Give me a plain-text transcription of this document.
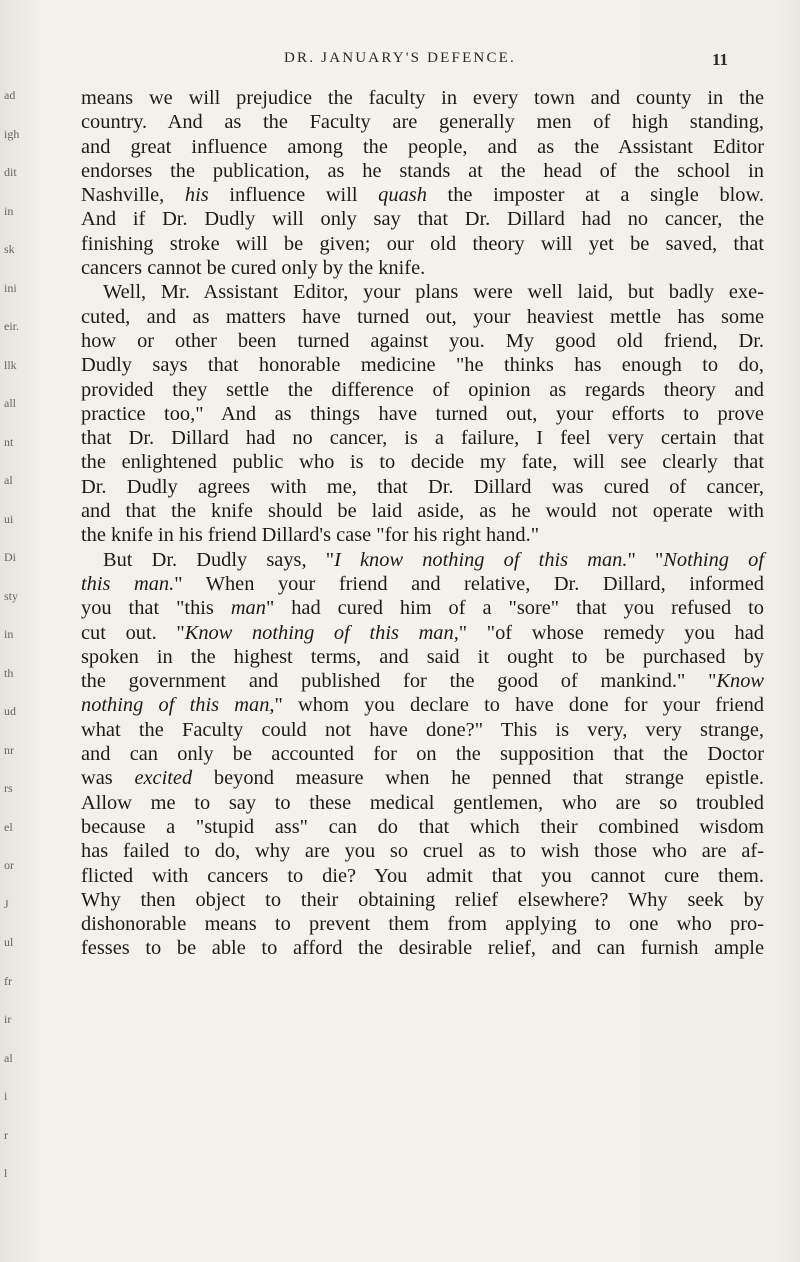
ad
igh
dit
in
sk
ini
eir.
llk
all
nt
al
ui
Di
sty
in
th
ud
nr
rs
el
or
J
ul
fr
ir
al
i
r
l
DR. JANUARY'S DEFENCE.	11
means we will prejudice the faculty in every town and county in the
country. And as the Faculty are generally men of high standing,
and great influence among the people, and as the Assistant Editor
endorses the publication, as he stands at the head of the school in
Nashville, his influence will quash the imposter at a single blow.
And if Dr. Dudly will only say that Dr. Dillard had no cancer, the
finishing stroke will be given; our old theory will yet be saved, that
cancers cannot be cured only by the knife.
Well, Mr. Assistant Editor, your plans were well laid, but badly exe-
cuted, and as matters have turned out, your heaviest mettle has some
how or other been turned against you. My good old friend, Dr.
Dudly says that honorable medicine "he thinks has enough to do,
provided they settle the difference of opinion as regards theory and
practice too," And as things have turned out, your efforts to prove
that Dr. Dillard had no cancer, is a failure, I feel very certain that
the enlightened public who is to decide my fate, will see clearly that
Dr. Dudly agrees with me, that Dr. Dillard was cured of cancer,
and that the knife should be laid aside, as he would not operate with
the knife in his friend Dillard's case "for his right hand."
But Dr. Dudly says, "I know nothing of this man." "Nothing of
this man." When your friend and relative, Dr. Dillard, informed
you that "this man" had cured him of a "sore" that you refused to
cut out. "Know nothing of this man," "of whose remedy you had
spoken in the highest terms, and said it ought to be purchased by
the government and published for the good of mankind." "Know
nothing of this man," whom you declare to have done for your friend
what the Faculty could not have done?" This is very, very strange,
and can only be accounted for on the supposition that the Doctor
was excited beyond measure when he penned that strange epistle.
Allow me to say to these medical gentlemen, who are so troubled
because a "stupid ass" can do that which their combined wisdom
has failed to do, why are you so cruel as to wish those who are af-
flicted with cancers to die? You admit that you cannot cure them.
Why then object to their obtaining relief elsewhere? Why seek by
dishonorable means to prevent them from applying to one who pro-
fesses to be able to afford the desirable relief, and can furnish ample
